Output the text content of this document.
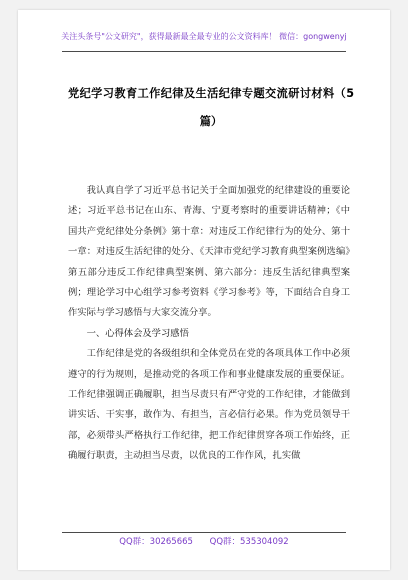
关注头条号"公文研究"，获得最新最全最专业的公文资料库！ 微信：gongwenyj
党纪学习教育工作纪律及生活纪律专题交流研讨材料（5篇）

我认真自学了习近平总书记关于全面加强党的纪律建设的重要论述；习近平总书记在山东、青海、宁夏考察时的重要讲话精神；《中国共产党纪律处分条例》第十章：对违反工作纪律行为的处分、第十一章：对违反生活纪律的处分、《天津市党纪学习教育典型案例选编》第五部分违反工作纪律典型案例、第六部分：违反生活纪律典型案例；理论学习中心组学习参考资料《学习参考》等，下面结合自身工作实际与学习感悟与大家交流分享。

一、心得体会及学习感悟

工作纪律是党的各级组织和全体党员在党的各项具体工作中必须遵守的行为规则，是推动党的各项工作和事业健康发展的重要保证。工作纪律强调正确履职，担当尽责只有严守党的工作纪律，才能做到讲实话、干实事，敢作为、有担当，言必信行必果。作为党员领导干部，必须带头严格执行工作纪律，把工作纪律贯穿各项工作始终，正确履行职责，主动担当尽责，以优良的工作作风，扎实做

QQ群：30265665 QQ群：535304092
